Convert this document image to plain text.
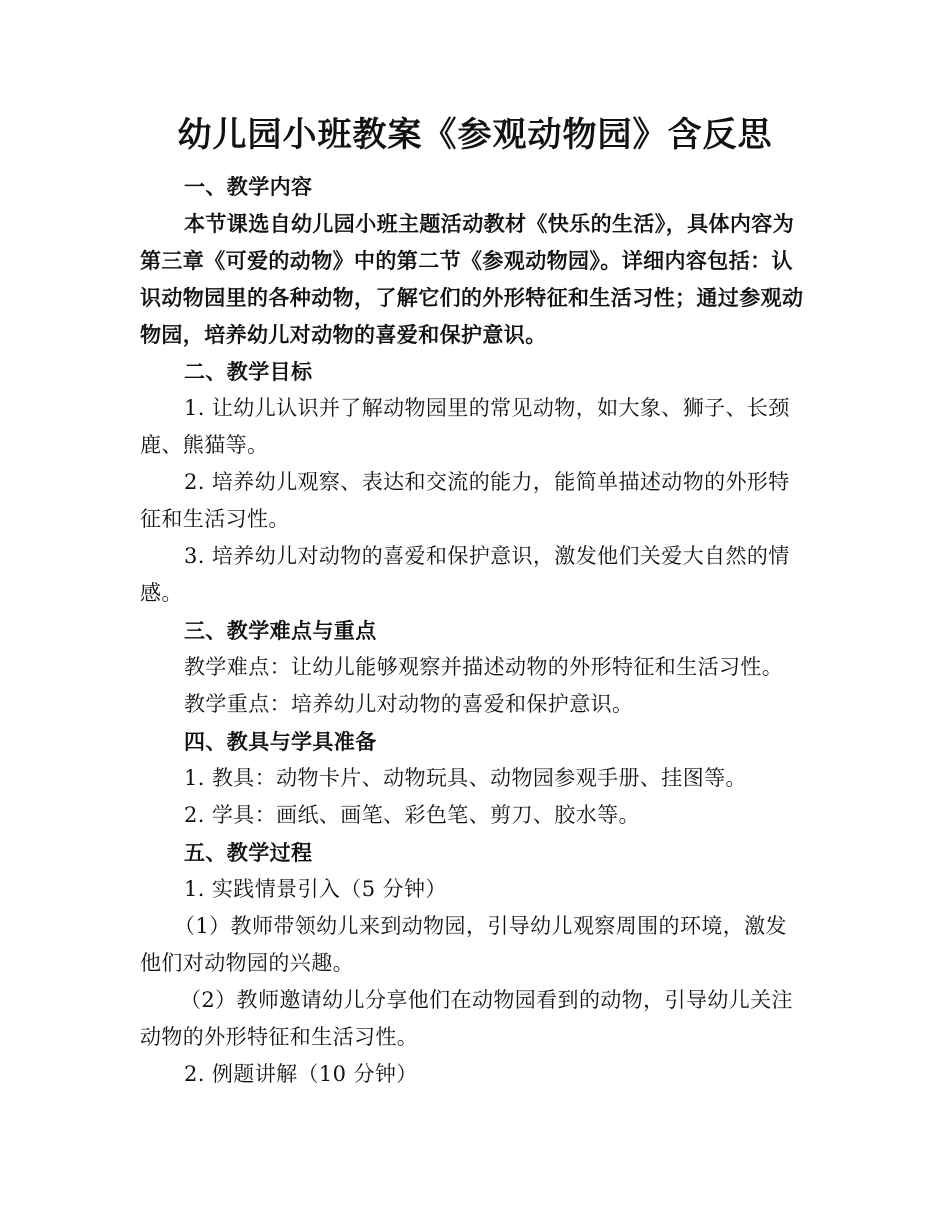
幼儿园小班教案《参观动物园》含反思
一、教学内容
本节课选自幼儿园小班主题活动教材《快乐的生活》，具体内容为第三章《可爱的动物》中的第二节《参观动物园》。详细内容包括：认识动物园里的各种动物，了解它们的外形特征和生活习性；通过参观动物园，培养幼儿对动物的喜爱和保护意识。
二、教学目标
1. 让幼儿认识并了解动物园里的常见动物，如大象、狮子、长颈鹿、熊猫等。
2. 培养幼儿观察、表达和交流的能力，能简单描述动物的外形特征和生活习性。
3. 培养幼儿对动物的喜爱和保护意识，激发他们关爱大自然的情感。
三、教学难点与重点
教学难点：让幼儿能够观察并描述动物的外形特征和生活习性。
教学重点：培养幼儿对动物的喜爱和保护意识。
四、教具与学具准备
1. 教具：动物卡片、动物玩具、动物园参观手册、挂图等。
2. 学具：画纸、画笔、彩色笔、剪刀、胶水等。
五、教学过程
1. 实践情景引入（5 分钟）
（1）教师带领幼儿来到动物园，引导幼儿观察周围的环境，激发他们对动物园的兴趣。
（2）教师邀请幼儿分享他们在动物园看到的动物，引导幼儿关注动物的外形特征和生活习性。
2. 例题讲解（10 分钟）
